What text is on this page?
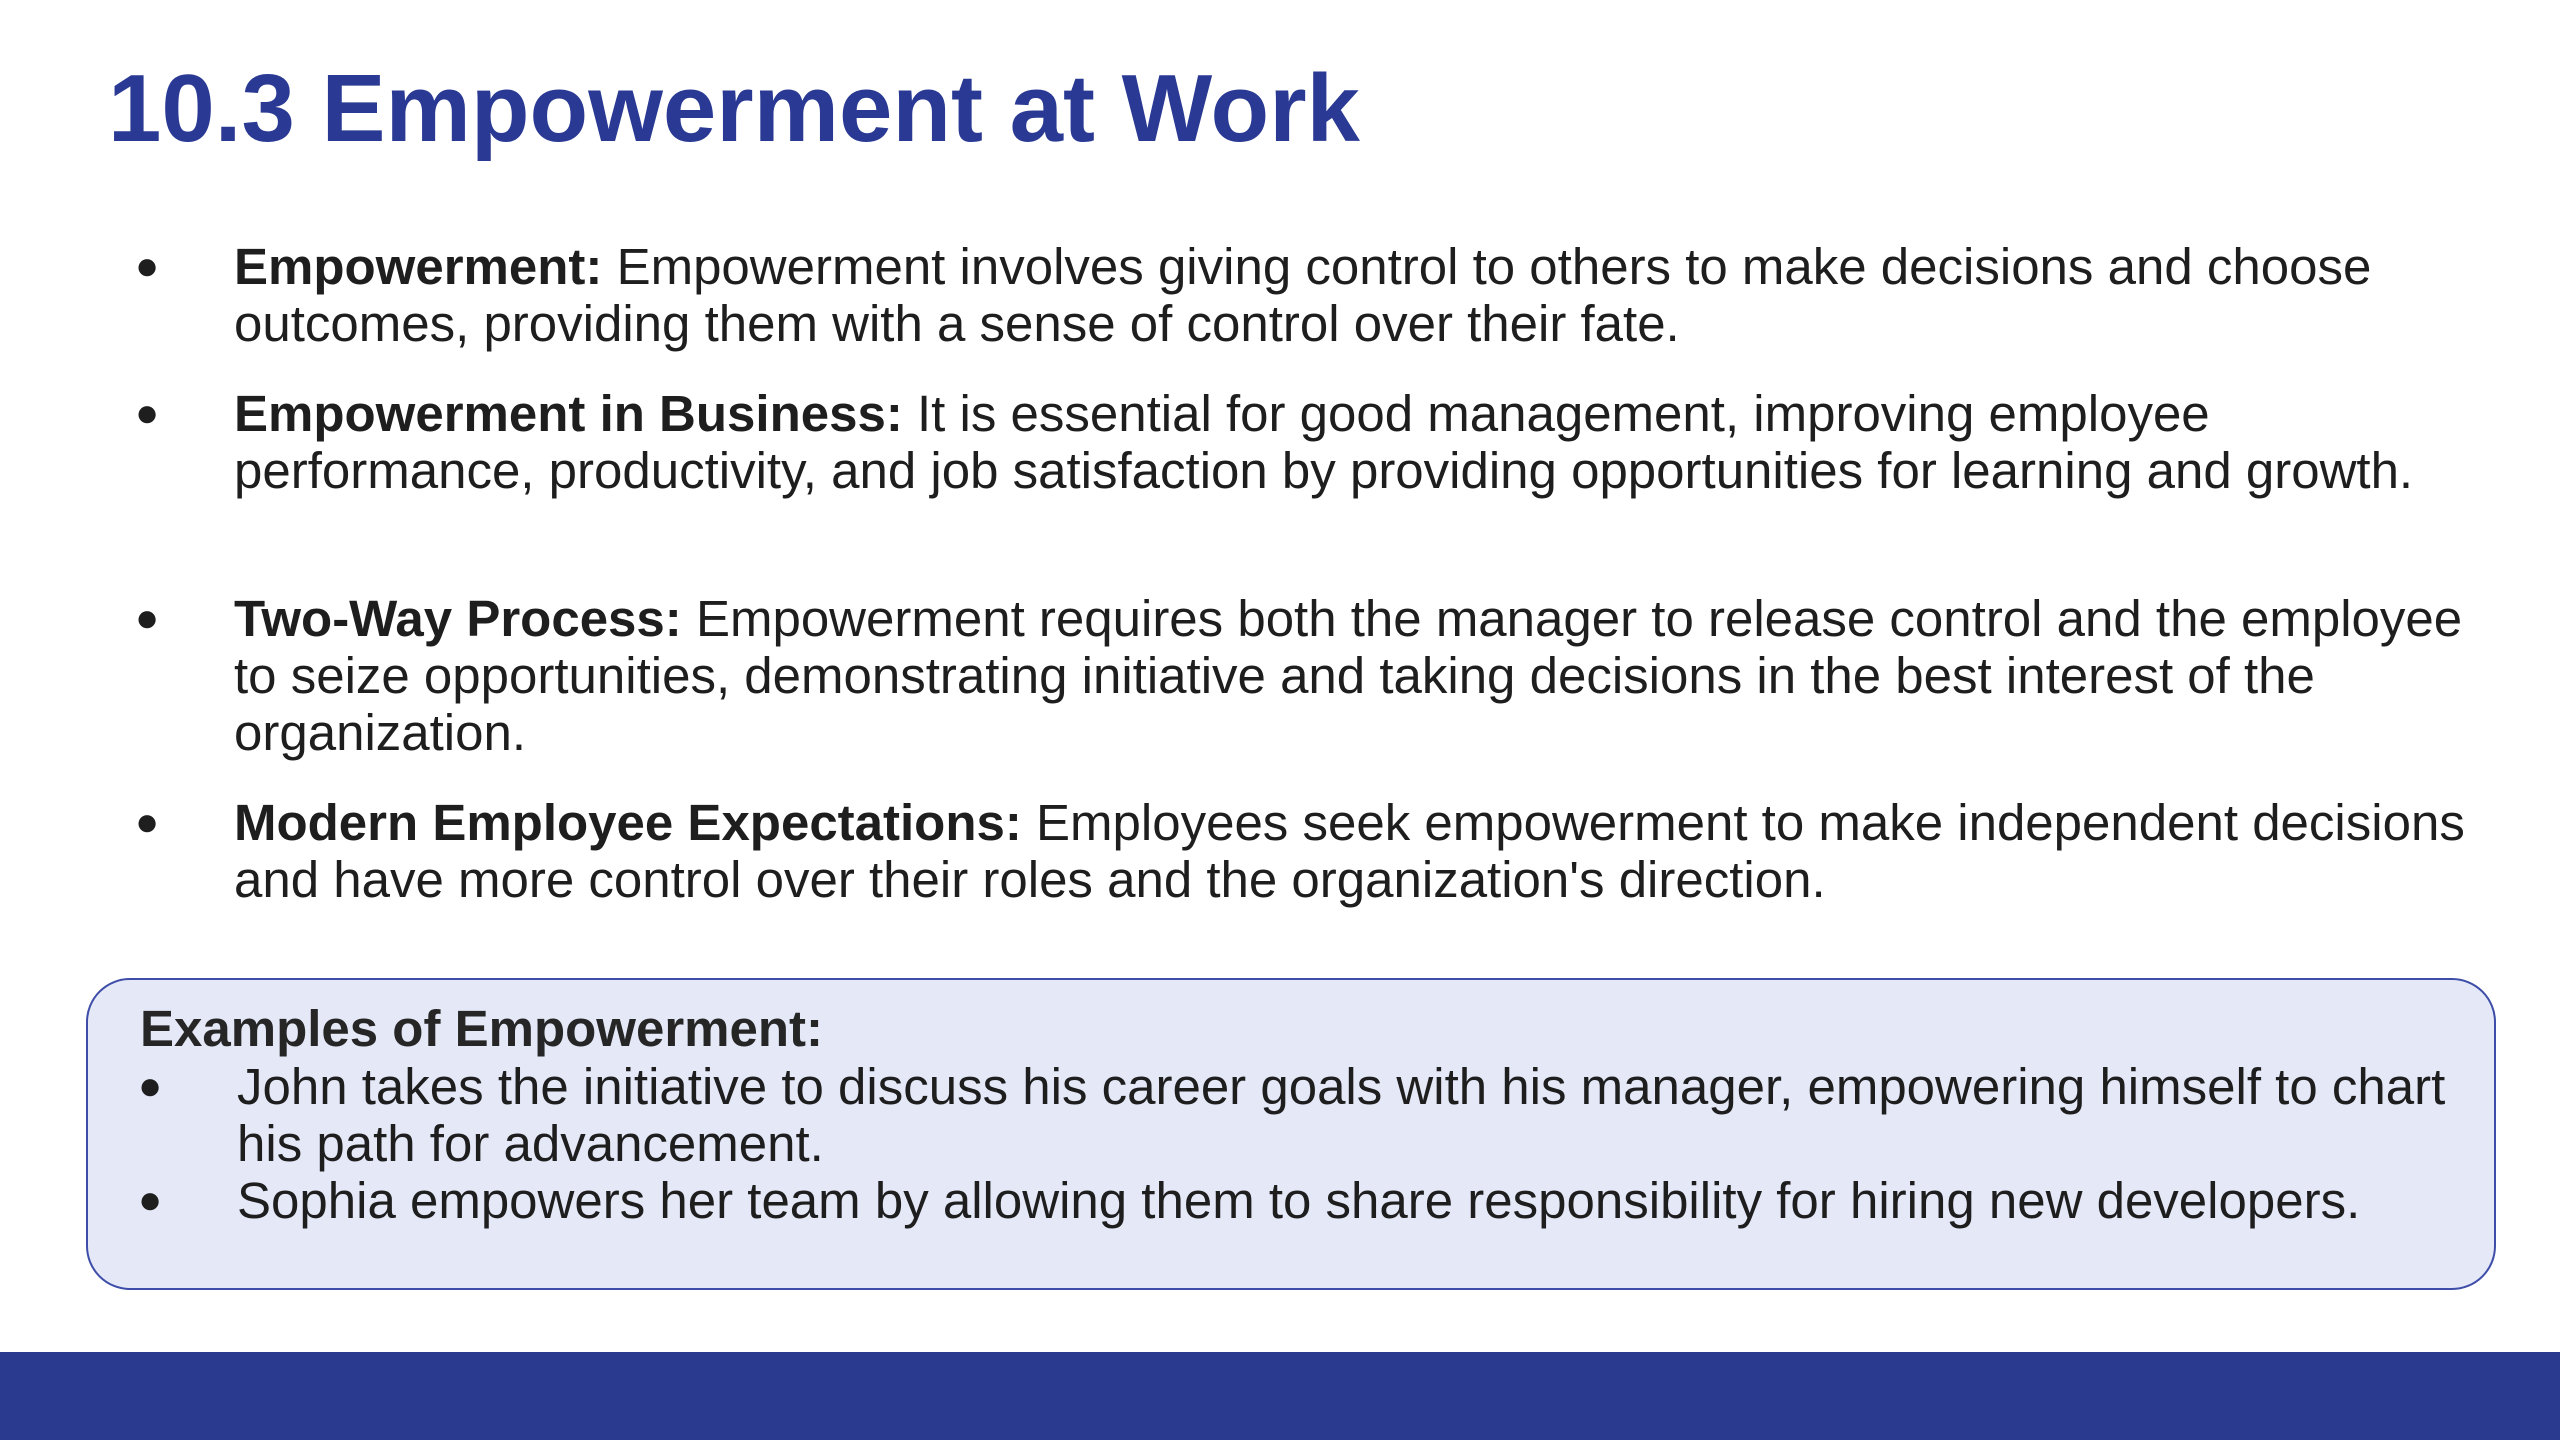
10.3 Empowerment at Work
●	Empowerment: Empowerment involves giving control to others to make decisions and choose outcomes, providing them with a sense of control over their fate.
●	Empowerment in Business: It is essential for good management, improving employee performance, productivity, and job satisfaction by providing opportunities for learning and growth.
●	Two-Way Process: Empowerment requires both the manager to release control and the employee to seize opportunities, demonstrating initiative and taking decisions in the best interest of the organization.
●	Modern Employee Expectations: Employees seek empowerment to make independent decisions and have more control over their roles and the organization's direction.
Examples of Empowerment:
●	John takes the initiative to discuss his career goals with his manager, empowering himself to chart his path for advancement.
●	Sophia empowers her team by allowing them to share responsibility for hiring new developers.
